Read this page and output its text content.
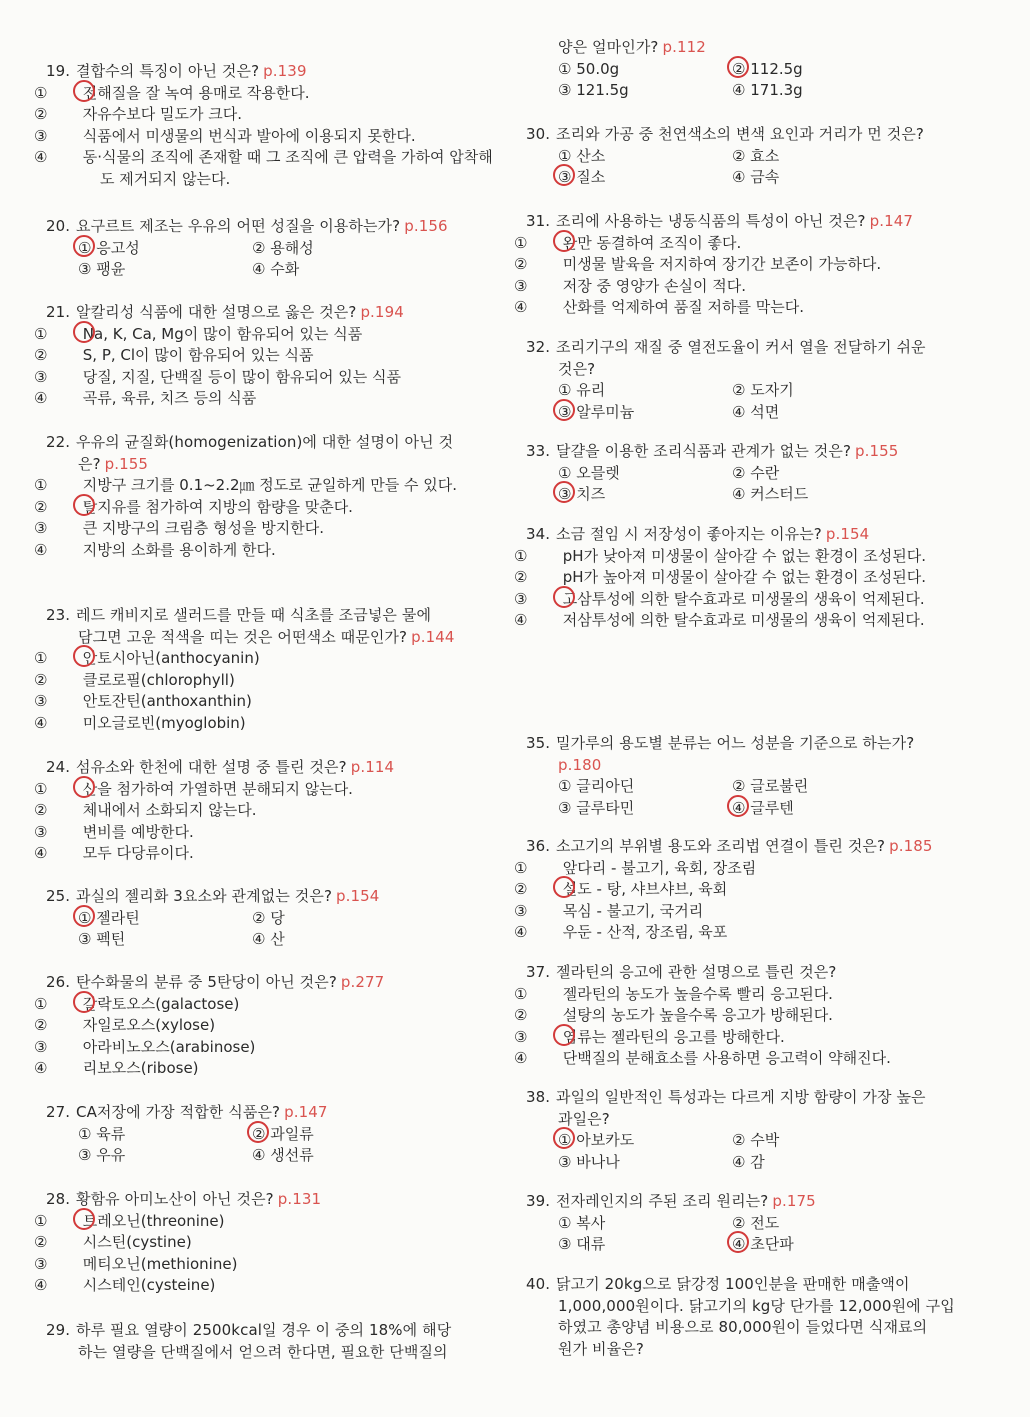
19. 결합수의 특징이 아닌 것은? p.139
① 전해질을 잘 녹여 용매로 작용한다.
② 자유수보다 밀도가 크다.
③ 식품에서 미생물의 번식과 발아에 이용되지 못한다.
④ 동·식물의 조직에 존재할 때 그 조직에 큰 압력을 가하여 압착해도 제거되지 않는다.
20. 요구르트 제조는 우유의 어떤 성질을 이용하는가? p.156
① 응고성	② 용해성
③ 팽윤	④ 수화
21. 알칼리성 식품에 대한 설명으로 옳은 것은? p.194
① Na, K, Ca, Mg이 많이 함유되어 있는 식품
② S, P, Cl이 많이 함유되어 있는 식품
③ 당질, 지질, 단백질 등이 많이 함유되어 있는 식품
④ 곡류, 육류, 치즈 등의 식품
22. 우유의 균질화(homogenization)에 대한 설명이 아닌 것
은? p.155
① 지방구 크기를 0.1~2.2㎛ 정도로 균일하게 만들 수 있다.
② 탈지유를 첨가하여 지방의 함량을 맞춘다.
③ 큰 지방구의 크림층 형성을 방지한다.
④ 지방의 소화를 용이하게 한다.
23. 레드 캐비지로 샐러드를 만들 때 식초를 조금넣은 물에
담그면 고운 적색을 띠는 것은 어떤색소 때문인가? p.144
① 안토시아닌(anthocyanin)
② 클로로필(chlorophyll)
③ 안토잔틴(anthoxanthin)
④ 미오글로빈(myoglobin)
24. 섬유소와 한천에 대한 설명 중 틀린 것은? p.114
① 산을 첨가하여 가열하면 분해되지 않는다.
② 체내에서 소화되지 않는다.
③ 변비를 예방한다.
④ 모두 다당류이다.
25. 과실의 젤리화 3요소와 관계없는 것은? p.154
① 젤라틴	② 당
③ 펙틴	④ 산
26. 탄수화물의 분류 중 5탄당이 아닌 것은? p.277
① 갈락토오스(galactose)
② 자일로오스(xylose)
③ 아라비노오스(arabinose)
④ 리보오스(ribose)
27. CA저장에 가장 적합한 식품은? p.147
① 육류	② 과일류
③ 우유	④ 생선류
28. 황함유 아미노산이 아닌 것은? p.131
① 트레오닌(threonine)
② 시스틴(cystine)
③ 메티오닌(methionine)
④ 시스테인(cysteine)
29. 하루 필요 열량이 2500kcal일 경우 이 중의 18%에 해당
하는 열량을 단백질에서 얻으려 한다면, 필요한 단백질의
양은 얼마인가? p.112
① 50.0g	② 112.5g
③ 121.5g	④ 171.3g
30. 조리와 가공 중 천연색소의 변색 요인과 거리가 먼 것은?
① 산소	② 효소
③ 질소	④ 금속
31. 조리에 사용하는 냉동식품의 특성이 아닌 것은? p.147
① 완만 동결하여 조직이 좋다.
② 미생물 발육을 저지하여 장기간 보존이 가능하다.
③ 저장 중 영양가 손실이 적다.
④ 산화를 억제하여 품질 저하를 막는다.
32. 조리기구의 재질 중 열전도율이 커서 열을 전달하기 쉬운
것은?
① 유리	② 도자기
③ 알루미늄	④ 석면
33. 달걀을 이용한 조리식품과 관계가 없는 것은? p.155
① 오믈렛	② 수란
③ 치즈	④ 커스터드
34. 소금 절임 시 저장성이 좋아지는 이유는? p.154
① pH가 낮아져 미생물이 살아갈 수 없는 환경이 조성된다.
② pH가 높아져 미생물이 살아갈 수 없는 환경이 조성된다.
③ 고삼투성에 의한 탈수효과로 미생물의 생육이 억제된다.
④ 저삼투성에 의한 탈수효과로 미생물의 생육이 억제된다.
35. 밀가루의 용도별 분류는 어느 성분을 기준으로 하는가?
p.180
① 글리아딘	② 글로불린
③ 글루타민	④ 글루텐
36. 소고기의 부위별 용도와 조리법 연결이 틀린 것은? p.185
① 앞다리 - 불고기, 육회, 장조림
② 설도 - 탕, 샤브샤브, 육회
③ 목심 - 불고기, 국거리
④ 우둔 - 산적, 장조림, 육포
37. 젤라틴의 응고에 관한 설명으로 틀린 것은?
① 젤라틴의 농도가 높을수록 빨리 응고된다.
② 설탕의 농도가 높을수록 응고가 방해된다.
③ 염류는 젤라틴의 응고를 방해한다.
④ 단백질의 분해효소를 사용하면 응고력이 약해진다.
38. 과일의 일반적인 특성과는 다르게 지방 함량이 가장 높은
과일은?
① 아보카도	② 수박
③ 바나나	④ 감
39. 전자레인지의 주된 조리 원리는? p.175
① 복사	② 전도
③ 대류	④ 초단파
40. 닭고기 20kg으로 닭강정 100인분을 판매한 매출액이
1,000,000원이다. 닭고기의 kg당 단가를 12,000원에 구입
하였고 총양념 비용으로 80,000원이 들었다면 식재료의
원가 비율은?
